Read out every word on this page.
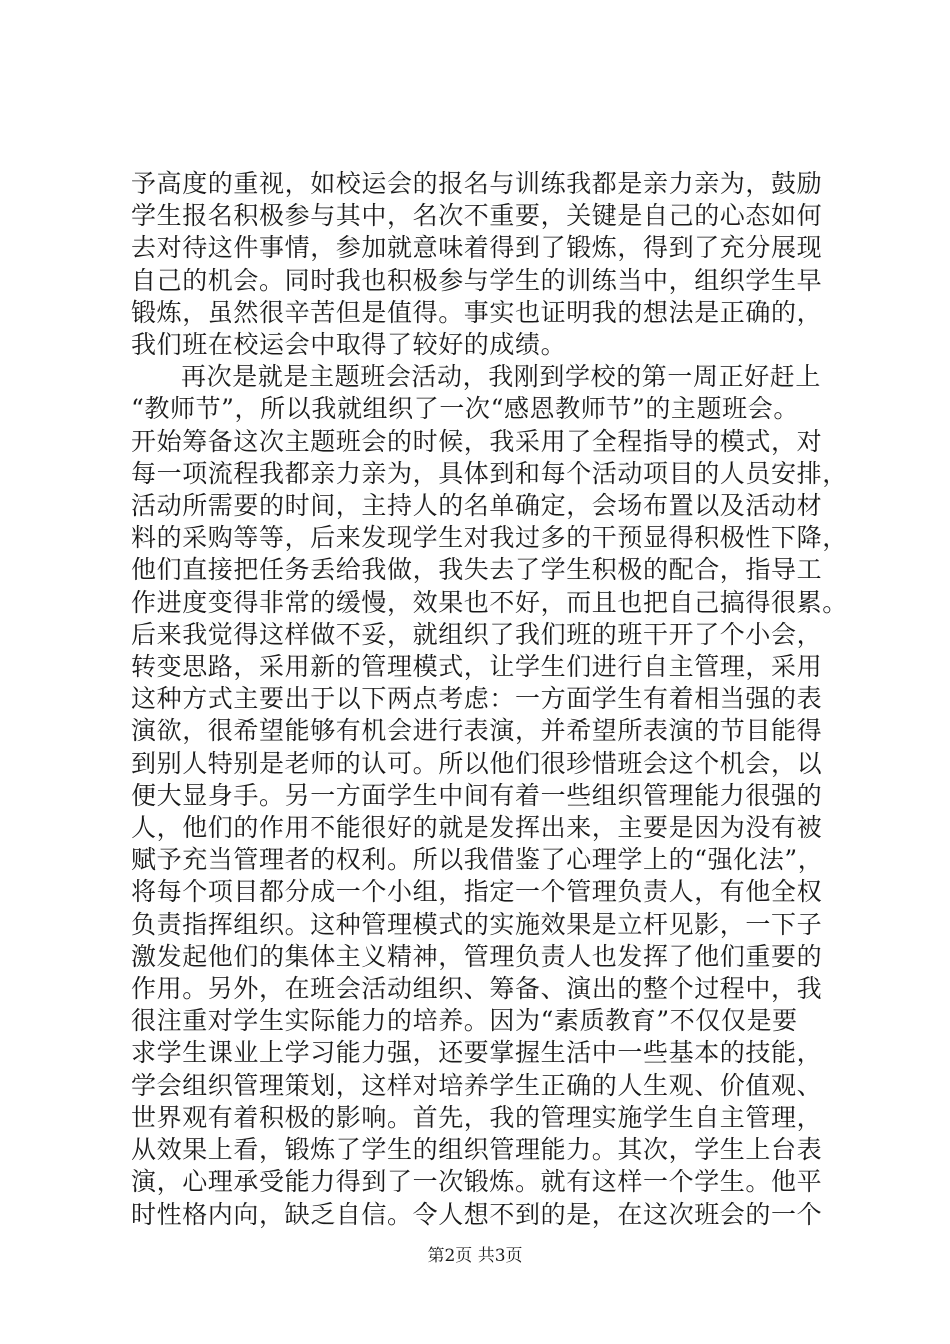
予高度的重视，如校运会的报名与训练我都是亲力亲为，鼓励
学生报名积极参与其中，名次不重要，关键是自己的心态如何
去对待这件事情，参加就意味着得到了锻炼，得到了充分展现
自己的机会。同时我也积极参与学生的训练当中，组织学生早
锻炼，虽然很辛苦但是值得。事实也证明我的想法是正确的，
我们班在校运会中取得了较好的成绩。
再次是就是主题班会活动，我刚到学校的第一周正好赶上
“教师节”，所以我就组织了一次“感恩教师节”的主题班会。
开始筹备这次主题班会的时候，我采用了全程指导的模式，对
每一项流程我都亲力亲为，具体到和每个活动项目的人员安排，
活动所需要的时间，主持人的名单确定，会场布置以及活动材
料的采购等等，后来发现学生对我过多的干预显得积极性下降，
他们直接把任务丢给我做，我失去了学生积极的配合，指导工
作进度变得非常的缓慢，效果也不好，而且也把自己搞得很累。
后来我觉得这样做不妥，就组织了我们班的班干开了个小会，
转变思路，采用新的管理模式，让学生们进行自主管理，采用
这种方式主要出于以下两点考虑：一方面学生有着相当强的表
演欲，很希望能够有机会进行表演，并希望所表演的节目能得
到别人特别是老师的认可。所以他们很珍惜班会这个机会，以
便大显身手。另一方面学生中间有着一些组织管理能力很强的
人，他们的作用不能很好的就是发挥出来，主要是因为没有被
赋予充当管理者的权利。所以我借鉴了心理学上的“强化法”，
将每个项目都分成一个小组，指定一个管理负责人，有他全权
负责指挥组织。这种管理模式的实施效果是立杆见影，一下子
激发起他们的集体主义精神，管理负责人也发挥了他们重要的
作用。另外，在班会活动组织、筹备、演出的整个过程中，我
很注重对学生实际能力的培养。因为“素质教育”不仅仅是要
求学生课业上学习能力强，还要掌握生活中一些基本的技能，
学会组织管理策划，这样对培养学生正确的人生观、价值观、
世界观有着积极的影响。首先，我的管理实施学生自主管理，
从效果上看，锻炼了学生的组织管理能力。其次，学生上台表
演，心理承受能力得到了一次锻炼。就有这样一个学生。他平
时性格内向，缺乏自信。令人想不到的是，在这次班会的一个
第2页 共3页
